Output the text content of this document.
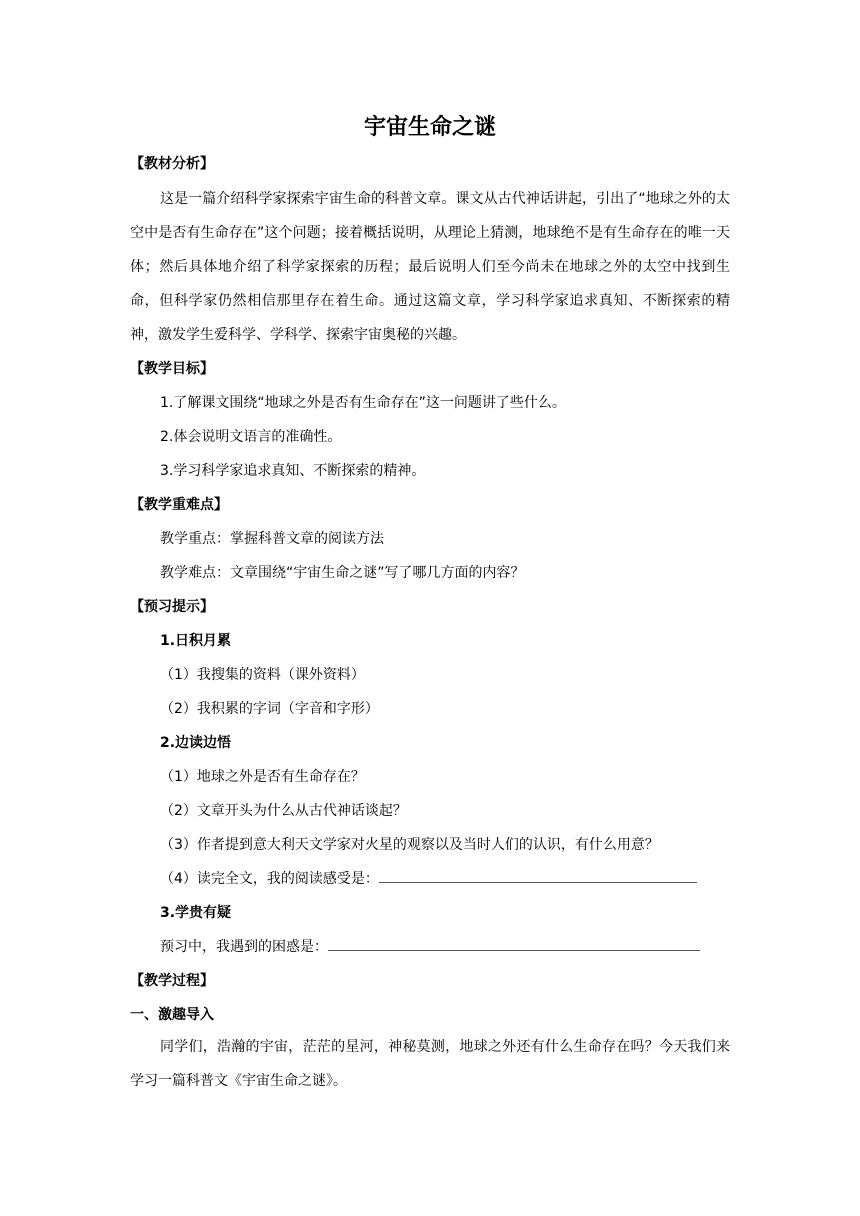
宇宙生命之谜
【教材分析】
这是一篇介绍科学家探索宇宙生命的科普文章。课文从古代神话讲起，引出了“地球之外的太空中是否有生命存在”这个问题；接着概括说明，从理论上猜测，地球绝不是有生命存在的唯一天体；然后具体地介绍了科学家探索的历程；最后说明人们至今尚未在地球之外的太空中找到生命，但科学家仍然相信那里存在着生命。通过这篇文章，学习科学家追求真知、不断探索的精神，激发学生爱科学、学科学、探索宇宙奥秘的兴趣。
【教学目标】
1.了解课文围绕“地球之外是否有生命存在”这一问题讲了些什么。
2.体会说明文语言的准确性。
3.学习科学家追求真知、不断探索的精神。
【教学重难点】
教学重点：掌握科普文章的阅读方法
教学难点：文章围绕“宇宙生命之谜”写了哪几方面的内容？
【预习提示】
1.日积月累
（1）我搜集的资料（课外资料）
（2）我积累的字词（字音和字形）
2.边读边悟
（1）地球之外是否有生命存在？
（2）文章开头为什么从古代神话谈起？
（3）作者提到意大利天文学家对火星的观察以及当时人们的认识，有什么用意？
（4）读完全文，我的阅读感受是：
3.学贵有疑
预习中，我遇到的困惑是：
【教学过程】
一、激趣导入
同学们，浩瀚的宇宙，茫茫的星河，神秘莫测，地球之外还有什么生命存在吗？今天我们来学习一篇科普文《宇宙生命之谜》。
